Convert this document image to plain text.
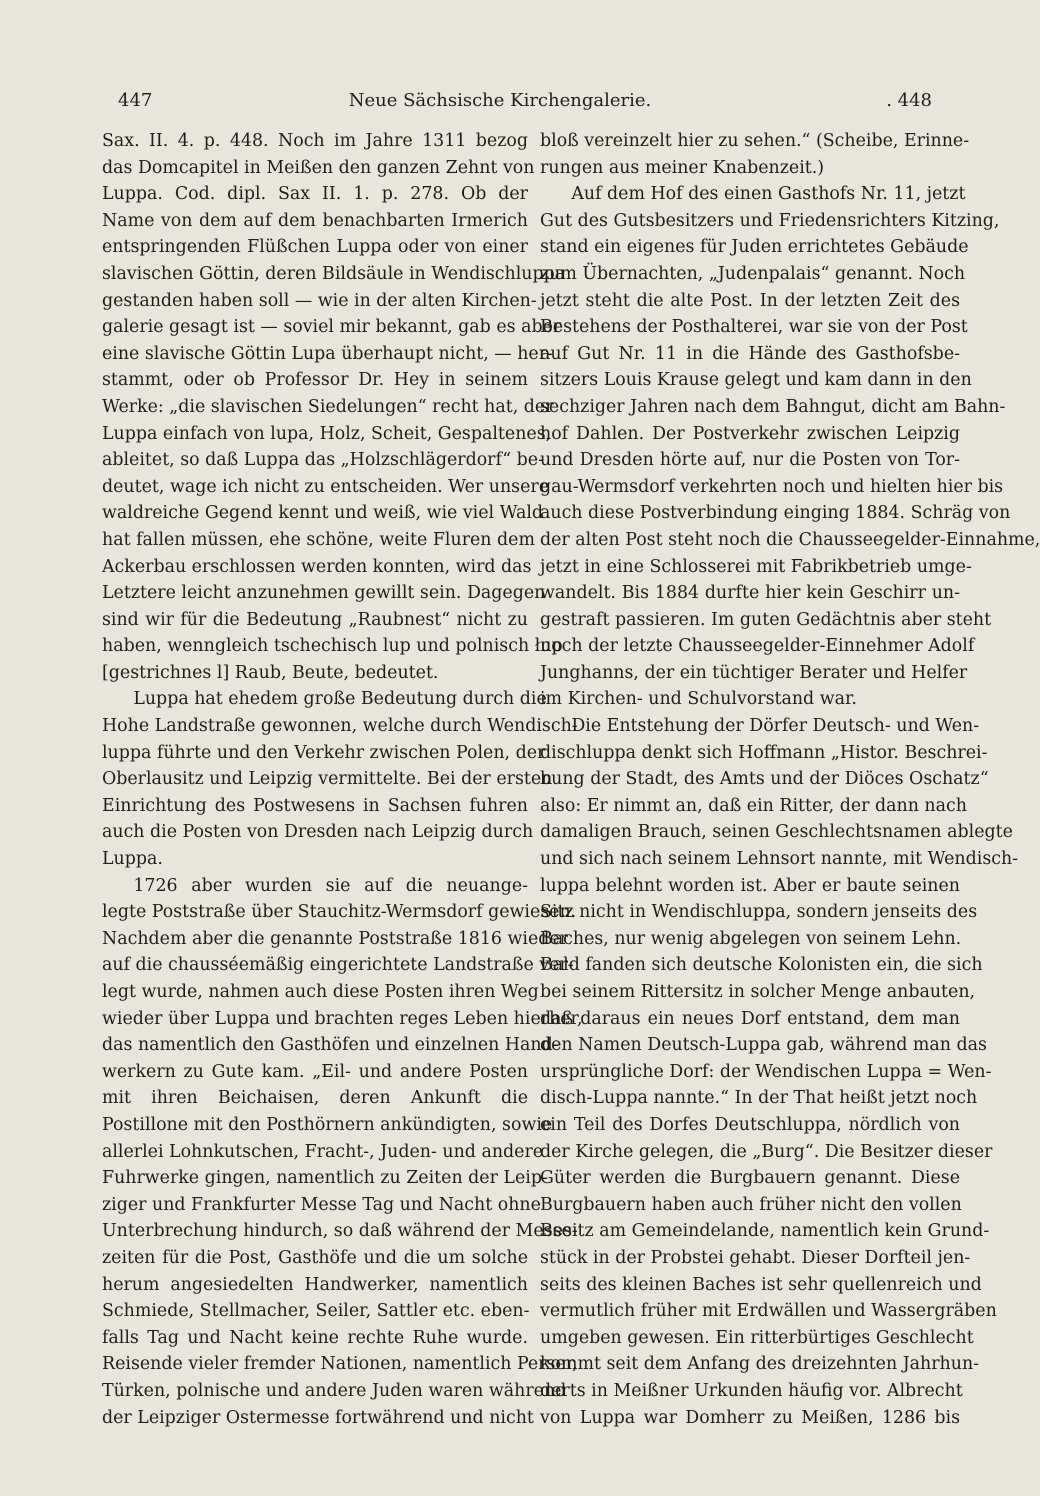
447	Neue Sächsische Kirchengalerie.	. 448
Sax. II. 4. p. 448. Noch im Jahre 1311 bezog
das Domcapitel in Meißen den ganzen Zehnt von
Luppa. Cod. dipl. Sax II. 1. p. 278. Ob der
Name von dem auf dem benachbarten Irmerich
entspringenden Flüßchen Luppa oder von einer
slavischen Göttin, deren Bildsäule in Wendischluppa
gestanden haben soll — wie in der alten Kirchen-
galerie gesagt ist — soviel mir bekannt, gab es aber
eine slavische Göttin Lupa überhaupt nicht, — her-
stammt, oder ob Professor Dr. Hey in seinem
Werke: „die slavischen Siedelungen“ recht hat, der
Luppa einfach von lupa, Holz, Scheit, Gespaltenes,
ableitet, so daß Luppa das „Holzschlägerdorf“ be-
deutet, wage ich nicht zu entscheiden. Wer unsere
waldreiche Gegend kennt und weiß, wie viel Wald
hat fallen müssen, ehe schöne, weite Fluren dem
Ackerbau erschlossen werden konnten, wird das
Letztere leicht anzunehmen gewillt sein. Dagegen
sind wir für die Bedeutung „Raubnest“ nicht zu
haben, wenngleich tschechisch lup und polnisch łup
[gestrichnes l] Raub, Beute, bedeutet.
Luppa hat ehedem große Bedeutung durch die
Hohe Landstraße gewonnen, welche durch Wendisch-
luppa führte und den Verkehr zwischen Polen, der
Oberlausitz und Leipzig vermittelte. Bei der ersten
Einrichtung des Postwesens in Sachsen fuhren
auch die Posten von Dresden nach Leipzig durch
Luppa.
1726 aber wurden sie auf die neuange-
legte Poststraße über Stauchitz-Wermsdorf gewiesen.
Nachdem aber die genannte Poststraße 1816 wieder
auf die chausséemäßig eingerichtete Landstraße ver-
legt wurde, nahmen auch diese Posten ihren Weg
wieder über Luppa und brachten reges Leben hierher,
das namentlich den Gasthöfen und einzelnen Hand-
werkern zu Gute kam. „Eil- und andere Posten
mit ihren Beichaisen, deren Ankunft die
Postillone mit den Posthörnern ankündigten, sowie
allerlei Lohnkutschen, Fracht-, Juden- und andere
Fuhrwerke gingen, namentlich zu Zeiten der Leip-
ziger und Frankfurter Messe Tag und Nacht ohne
Unterbrechung hindurch, so daß während der Messe-
zeiten für die Post, Gasthöfe und die um solche
herum angesiedelten Handwerker, namentlich
Schmiede, Stellmacher, Seiler, Sattler etc. eben-
falls Tag und Nacht keine rechte Ruhe wurde.
Reisende vieler fremder Nationen, namentlich Perser,
Türken, polnische und andere Juden waren während
der Leipziger Ostermesse fortwährend und nicht
bloß vereinzelt hier zu sehen.“ (Scheibe, Erinne-
rungen aus meiner Knabenzeit.)
Auf dem Hof des einen Gasthofs Nr. 11, jetzt
Gut des Gutsbesitzers und Friedensrichters Kitzing,
stand ein eigenes für Juden errichtetes Gebäude
zum Übernachten, „Judenpalais“ genannt. Noch
jetzt steht die alte Post. In der letzten Zeit des
Bestehens der Posthalterei, war sie von der Post
auf Gut Nr. 11 in die Hände des Gasthofsbe-
sitzers Louis Krause gelegt und kam dann in den
sechziger Jahren nach dem Bahngut, dicht am Bahn-
hof Dahlen. Der Postverkehr zwischen Leipzig
und Dresden hörte auf, nur die Posten von Tor-
gau-Wermsdorf verkehrten noch und hielten hier bis
auch diese Postverbindung einging 1884. Schräg von
der alten Post steht noch die Chausseegelder-Einnahme,
jetzt in eine Schlosserei mit Fabrikbetrieb umge-
wandelt. Bis 1884 durfte hier kein Geschirr un-
gestraft passieren. Im guten Gedächtnis aber steht
noch der letzte Chausseegelder-Einnehmer Adolf
Junghanns, der ein tüchtiger Berater und Helfer
im Kirchen- und Schulvorstand war.
Die Entstehung der Dörfer Deutsch- und Wen-
dischluppa denkt sich Hoffmann „Histor. Beschrei-
bung der Stadt, des Amts und der Diöces Oschatz“
also: Er nimmt an, daß ein Ritter, der dann nach
damaligen Brauch, seinen Geschlechtsnamen ablegte
und sich nach seinem Lehnsort nannte, mit Wendisch-
luppa belehnt worden ist. Aber er baute seinen
Sitz nicht in Wendischluppa, sondern jenseits des
Baches, nur wenig abgelegen von seinem Lehn.
Bald fanden sich deutsche Kolonisten ein, die sich
bei seinem Rittersitz in solcher Menge anbauten,
daß daraus ein neues Dorf entstand, dem man
den Namen Deutsch-Luppa gab, während man das
ursprüngliche Dorf: der Wendischen Luppa = Wen-
disch-Luppa nannte.“ In der That heißt jetzt noch
ein Teil des Dorfes Deutschluppa, nördlich von
der Kirche gelegen, die „Burg“. Die Besitzer dieser
Güter werden die Burgbauern genannt. Diese
Burgbauern haben auch früher nicht den vollen
Besitz am Gemeindelande, namentlich kein Grund-
stück in der Probstei gehabt. Dieser Dorfteil jen-
seits des kleinen Baches ist sehr quellenreich und
vermutlich früher mit Erdwällen und Wassergräben
umgeben gewesen. Ein ritterbürtiges Geschlecht
kommt seit dem Anfang des dreizehnten Jahrhun-
derts in Meißner Urkunden häufig vor. Albrecht
von Luppa war Domherr zu Meißen, 1286 bis
